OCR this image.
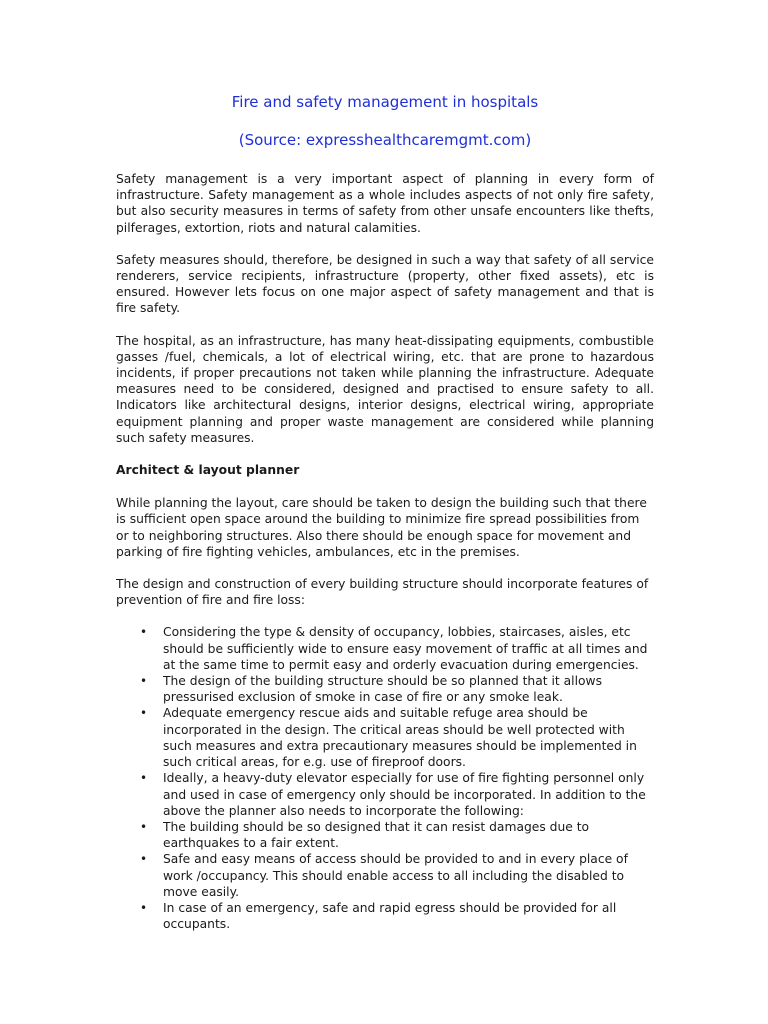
Fire and safety management in hospitals
(Source: expresshealthcaremgmt.com)

Safety management is a very important aspect of planning in every form of infrastructure. Safety management as a whole includes aspects of not only fire safety, but also security measures in terms of safety from other unsafe encounters like thefts, pilferages, extortion, riots and natural calamities.

Safety measures should, therefore, be designed in such a way that safety of all service renderers, service recipients, infrastructure (property, other fixed assets), etc is ensured. However lets focus on one major aspect of safety management and that is fire safety.

The hospital, as an infrastructure, has many heat-dissipating equipments, combustible gasses /fuel, chemicals, a lot of electrical wiring, etc. that are prone to hazardous incidents, if proper precautions not taken while planning the infrastructure. Adequate measures need to be considered, designed and practised to ensure safety to all. Indicators like architectural designs, interior designs, electrical wiring, appropriate equipment planning and proper waste management are considered while planning such safety measures.

Architect & layout planner

While planning the layout, care should be taken to design the building such that there is sufficient open space around the building to minimize fire spread possibilities from or to neighboring structures. Also there should be enough space for movement and parking of fire fighting vehicles, ambulances, etc in the premises.

The design and construction of every building structure should incorporate features of prevention of fire and fire loss:

• Considering the type & density of occupancy, lobbies, staircases, aisles, etc should be sufficiently wide to ensure easy movement of traffic at all times and at the same time to permit easy and orderly evacuation during emergencies.
• The design of the building structure should be so planned that it allows pressurised exclusion of smoke in case of fire or any smoke leak.
• Adequate emergency rescue aids and suitable refuge area should be incorporated in the design. The critical areas should be well protected with such measures and extra precautionary measures should be implemented in such critical areas, for e.g. use of fireproof doors.
• Ideally, a heavy-duty elevator especially for use of fire fighting personnel only and used in case of emergency only should be incorporated. In addition to the above the planner also needs to incorporate the following:
• The building should be so designed that it can resist damages due to earthquakes to a fair extent.
• Safe and easy means of access should be provided to and in every place of work /occupancy. This should enable access to all including the disabled to move easily.
• In case of an emergency, safe and rapid egress should be provided for all occupants.
